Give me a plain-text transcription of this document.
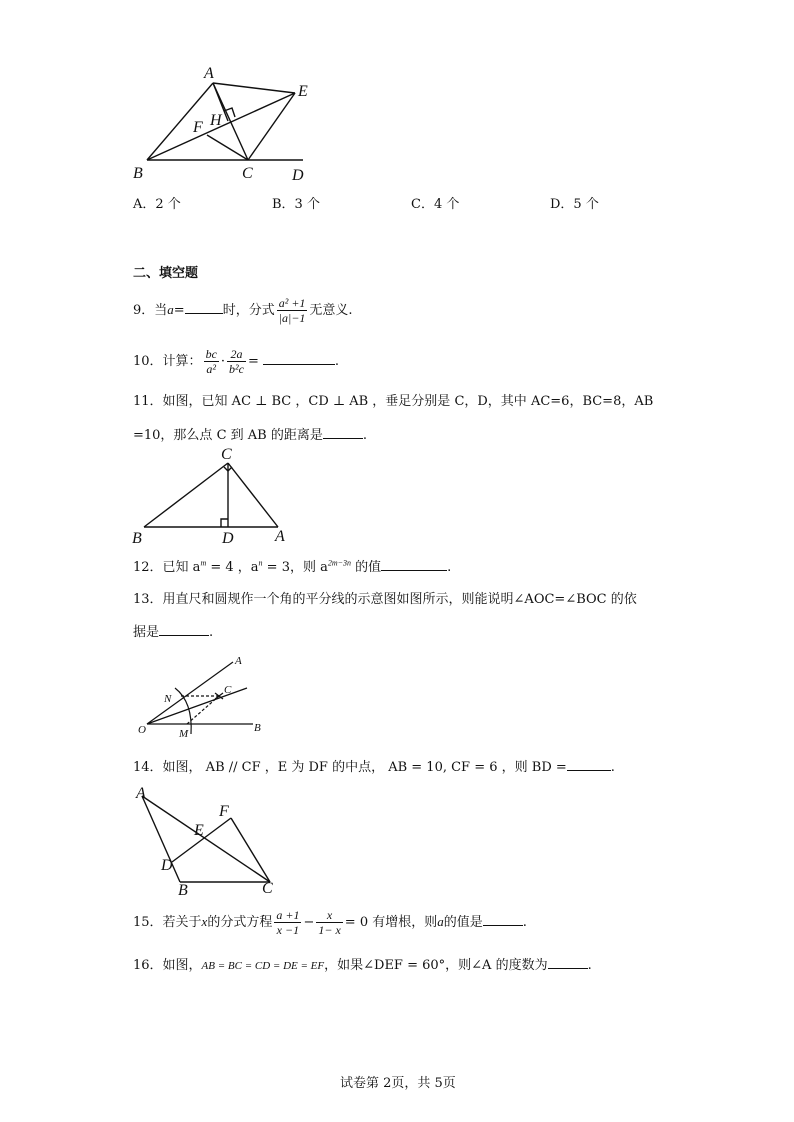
A
E
H
F
B	C D
A．2 个	B．3 个	C．4 个	D．5 个
二、填空题
9．当a=	时，分式 $\frac{\text{a² +1}}{|a|-1}$ 无意义.
10．计算： $\frac{bc}{\text{a²}} \cdot \frac{2a}{\text{b²c}}$ =	.
11．如图，已知 AC ⊥ BC ，CD ⊥ AB ，垂足分别是 C，D，其中 AC=6，BC=8，AB
=10，那么点 C 到 AB 的距离是	.
C
B	D	A
12．已知 $a^m = 4$ ，$a^n = 3$，则 $a^{2m-3n}$ 的值	.
13．用直尺和圆规作一个角的平分线的示意图如图所示，则能说明∠AOC=∠BOC 的依
据是	.
A
N
C
O	M	B
14．如图， AB // CF ，E 为 DF 的中点， AB = 10, CF = 6 ，则 BD =	.
A
F
E
D
B	C
15．若关于x的分式方程 $\frac{a +1}{x -1} - \frac{x}{1- x} = 0$ 有增根，则a的值是	.
16．如图，AB = BC = CD = DE = EF，如果∠DEF = 60°，则∠A 的度数为	.
试卷第 2页，共 5页
